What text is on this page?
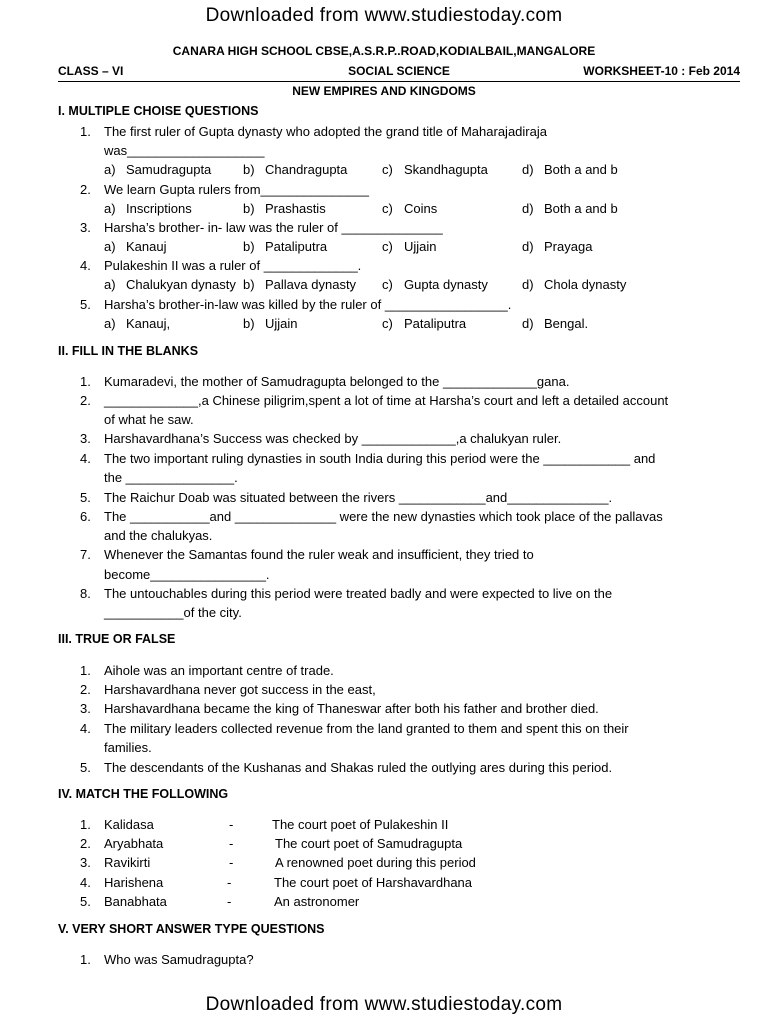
Downloaded from www.studiestoday.com
CANARA HIGH SCHOOL CBSE,A.S.R.P..ROAD,KODIALBAIL,MANGALORE
SOCIAL SCIENCE
CLASS – VI	WORKSHEET-10 : Feb 2014
NEW EMPIRES AND KINGDOMS
I. MULTIPLE CHOISE QUESTIONS
1. The first ruler of Gupta dynasty who adopted the grand title of Maharajadiraja
was___________________
a) Samudragupta b) Chandragupta	c) Skandhagupta	d) Both a and b
2. We learn Gupta rulers from_______________
a) Inscriptions	b) Prashastis	c) Coins	d) Both a and b
3. Harsha’s brother- in- law was the ruler of ______________
a) Kanauj	b) Pataliputra	c) Ujjain	d) Prayaga
4. Pulakeshin II was a ruler of _____________.
a) Chalukyan dynasty b) Pallava dynasty c) Gupta dynasty	d) Chola dynasty
5. Harsha’s brother-in-law was killed by the ruler of _________________.
a) Kanauj,	b) Ujjain	c) Pataliputra	d) Bengal.
II. FILL IN THE BLANKS
1. Kumaradevi, the mother of Samudragupta belonged to the _____________gana.
2. _____________,a Chinese piligrim,spent a lot of time at Harsha’s court and left a detailed account
of what he saw.
3. Harshavardhana’s Success was checked by _____________,a chalukyan ruler.
4. The two important ruling dynasties in south India during this period were the ____________ and
the _______________.
5. The Raichur Doab was situated between the rivers ____________and______________.
6. The ___________and ______________ were the new dynasties which took place of the pallavas
and the chalukyas.
7. Whenever the Samantas found the ruler weak and insufficient, they tried to
become________________.
8. The untouchables during this period were treated badly and were expected to live on the
___________of the city.
III. TRUE OR FALSE
1. Aihole was an important centre of trade.
2. Harshavardhana never got success in the east,
3. Harshavardhana became the king of Thaneswar after both his father and brother died.
4. The military leaders collected revenue from the land granted to them and spent this on their
families.
5. The descendants of the Kushanas and Shakas ruled the outlying ares during this period.
IV. MATCH THE FOLLOWING
1. Kalidasa	-	The court poet of Pulakeshin II
2. Aryabhata	-	The court poet of Samudragupta
3. Ravikirti	-	A renowned poet during this period
4. Harishena	-	The court poet of Harshavardhana
5. Banabhata	-	An astronomer
V. VERY SHORT ANSWER TYPE QUESTIONS
1. Who was Samudragupta?
Downloaded from www.studiestoday.com
